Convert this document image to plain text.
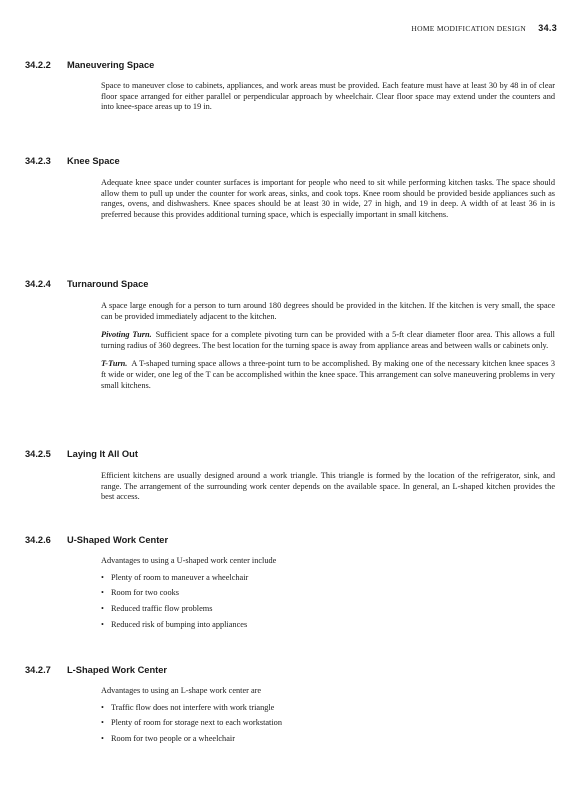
HOME MODIFICATION DESIGN 34.3
34.2.2 Maneuvering Space

Space to maneuver close to cabinets, appliances, and work areas must be provided. Each feature must have at least 30 by 48 in of clear floor space arranged for either parallel or perpendicular approach by wheelchair. Clear floor space may extend under the counters and into knee-space areas up to 19 in.

34.2.3 Knee Space

Adequate knee space under counter surfaces is important for people who need to sit while performing kitchen tasks. The space should allow them to pull up under the counter for work areas, sinks, and cook tops. Knee room should be provided beside appliances such as ranges, ovens, and dishwashers. Knee spaces should be at least 30 in wide, 27 in high, and 19 in deep. A width of at least 36 in is preferred because this provides additional turning space, which is especially important in small kitchens.

34.2.4 Turnaround Space

A space large enough for a person to turn around 180 degrees should be provided in the kitchen. If the kitchen is very small, the space can be provided immediately adjacent to the kitchen.

Pivoting Turn. Sufficient space for a complete pivoting turn can be provided with a 5-ft clear diameter floor area. This allows a full turning radius of 360 degrees. The best location for the turning space is away from appliance areas and between walls or cabinets only.

T-Turn. A T-shaped turning space allows a three-point turn to be accomplished. By making one of the necessary kitchen knee spaces 3 ft wide or wider, one leg of the T can be accomplished within the knee space. This arrangement can solve maneuvering problems in very small kitchens.

34.2.5 Laying It All Out

Efficient kitchens are usually designed around a work triangle. This triangle is formed by the location of the refrigerator, sink, and range. The arrangement of the surrounding work center depends on the available space. In general, an L-shaped kitchen provides the best access.

34.2.6 U-Shaped Work Center

Advantages to using a U-shaped work center include

• Plenty of room to maneuver a wheelchair
• Room for two cooks
• Reduced traffic flow problems
• Reduced risk of bumping into appliances
34.2.7 L-Shaped Work Center

Advantages to using an L-shape work center are

• Traffic flow does not interfere with work triangle
• Plenty of room for storage next to each workstation
• Room for two people or a wheelchair
